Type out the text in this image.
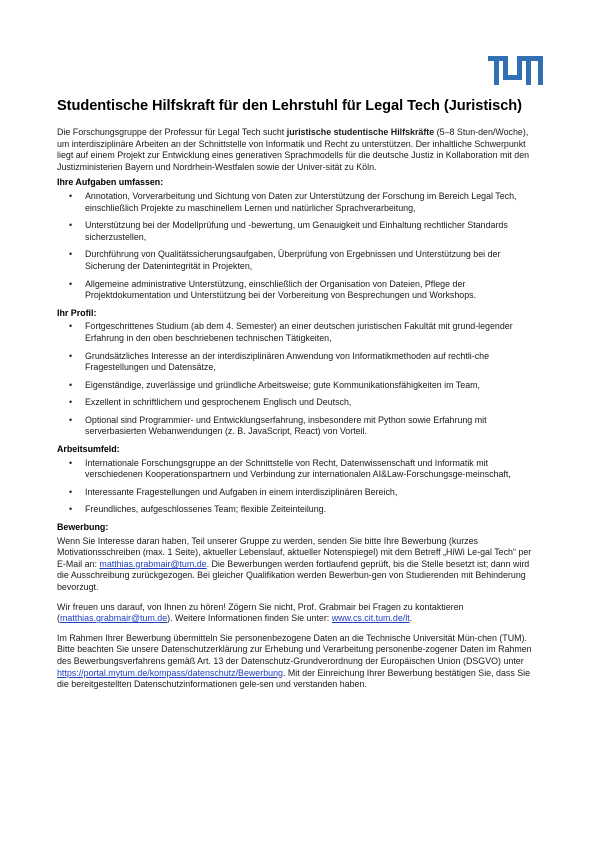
Studentische Hilfskraft für den Lehrstuhl für Legal Tech (Juristisch)

Die Forschungsgruppe der Professur für Legal Tech sucht juristische studentische Hilfskräfte (5–8 Stun-den/Woche), um interdisziplinäre Arbeiten an der Schnittstelle von Informatik und Recht zu unterstützen. Der inhaltliche Schwerpunkt liegt auf einem Projekt zur Entwicklung eines generativen Sprachmodells für die deutsche Justiz in Kollaboration mit den Justizministerien Bayern und Nordrhein-Westfalen sowie der Univer-sität zu Köln.

Ihre Aufgaben umfassen:
• Annotation, Vorverarbeitung und Sichtung von Daten zur Unterstützung der Forschung im Bereich Legal Tech, einschließlich Projekte zu maschinellem Lernen und natürlicher Sprachverarbeitung,
• Unterstützung bei der Modellprüfung und -bewertung, um Genauigkeit und Einhaltung rechtlicher Standards sicherzustellen,
• Durchführung von Qualitätssicherungsaufgaben, Überprüfung von Ergebnissen und Unterstützung bei der Sicherung der Datenintegrität in Projekten,
• Allgemeine administrative Unterstützung, einschließlich der Organisation von Dateien, Pflege der Projektdokumentation und Unterstützung bei der Vorbereitung von Besprechungen und Workshops.
Ihr Profil:
• Fortgeschrittenes Studium (ab dem 4. Semester) an einer deutschen juristischen Fakultät mit grund-legender Erfahrung in den oben beschriebenen technischen Tätigkeiten,
• Grundsätzliches Interesse an der interdisziplinären Anwendung von Informatikmethoden auf rechtli-che Fragestellungen und Datensätze,
• Eigenständige, zuverlässige und gründliche Arbeitsweise; gute Kommunikationsfähigkeiten im Team,
• Exzellent in schriftlichem und gesprochenem Englisch und Deutsch,
• Optional sind Programmier- und Entwicklungserfahrung, insbesondere mit Python sowie Erfahrung mit serverbasierten Webanwendungen (z. B. JavaScript, React) von Vorteil.
Arbeitsumfeld:
• Internationale Forschungsgruppe an der Schnittstelle von Recht, Datenwissenschaft und Informatik mit verschiedenen Kooperationspartnern und Verbindung zur internationalen AI&Law-Forschungsge-meinschaft,
• Interessante Fragestellungen und Aufgaben in einem interdisziplinären Bereich,
• Freundliches, aufgeschlossenes Team; flexible Zeiteinteilung.
Bewerbung:

Wenn Sie Interesse daran haben, Teil unserer Gruppe zu werden, senden Sie bitte Ihre Bewerbung (kurzes Motivationsschreiben (max. 1 Seite), aktueller Lebenslauf, aktueller Notenspiegel) mit dem Betreff „HiWi Le-gal Tech“ per E-Mail an: matthias.grabmair@tum.de. Die Bewerbungen werden fortlaufend geprüft, bis die Stelle besetzt ist; dann wird die Ausschreibung zurückgezogen. Bei gleicher Qualifikation werden Bewerbun-gen von Studierenden mit Behinderung bevorzugt.

Wir freuen uns darauf, von Ihnen zu hören! Zögern Sie nicht, Prof. Grabmair bei Fragen zu kontaktieren (matthias.grabmair@tum.de). Weitere Informationen finden Sie unter: www.cs.cit.tum.de/lt.

Im Rahmen Ihrer Bewerbung übermitteln Sie personenbezogene Daten an die Technische Universität Mün-chen (TUM). Bitte beachten Sie unsere Datenschutzerklärung zur Erhebung und Verarbeitung personenbe-zogener Daten im Rahmen des Bewerbungsverfahrens gemäß Art. 13 der Datenschutz-Grundverordnung der Europäischen Union (DSGVO) unter https://portal.mytum.de/kompass/datenschutz/Bewerbung. Mit der Einreichung Ihrer Bewerbung bestätigen Sie, dass Sie die bereitgestellten Datenschutzinformationen gele-sen und verstanden haben.
